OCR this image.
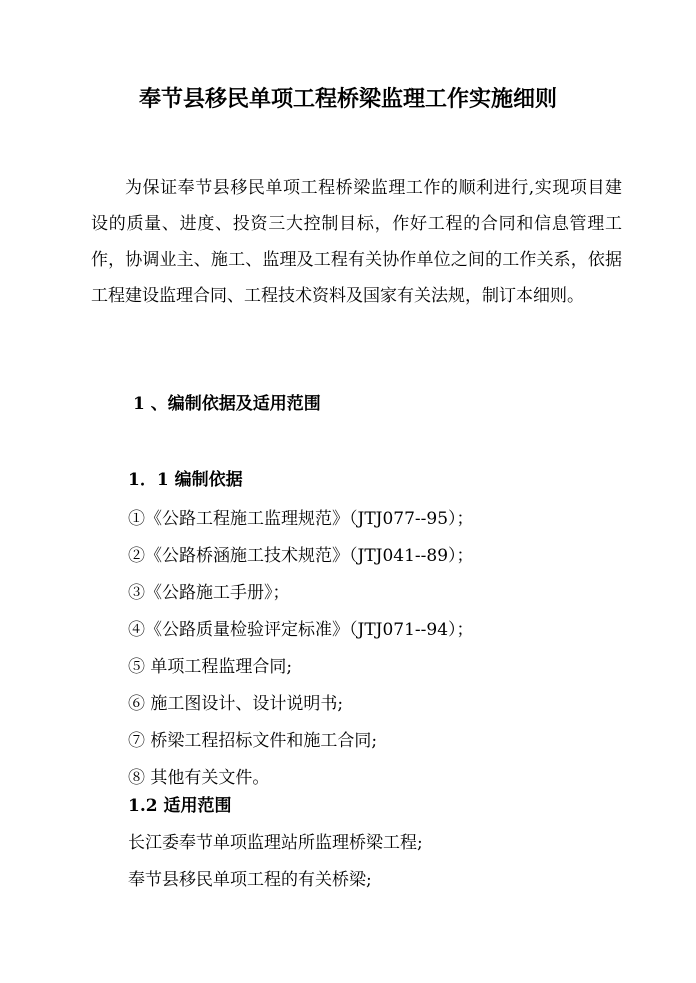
奉节县移民单项工程桥梁监理工作实施细则

为保证奉节县移民单项工程桥梁监理工作的顺利进行,实现项目建设的质量、进度、投资三大控制目标，作好工程的合同和信息管理工作，协调业主、施工、监理及工程有关协作单位之间的工作关系，依据工程建设监理合同、工程技术资料及国家有关法规，制订本细则。

1 、编制依据及适用范围
1．1 编制依据
①《公路工程施工监理规范》（JTJ077--95）；
②《公路桥涵施工技术规范》（JTJ041--89）；
③《公路施工手册》；
④《公路质量检验评定标准》（JTJ071--94）；
⑤ 单项工程监理合同;
⑥ 施工图设计、设计说明书;
⑦ 桥梁工程招标文件和施工合同;
⑧ 其他有关文件。
1.2 适用范围
长江委奉节单项监理站所监理桥梁工程;
奉节县移民单项工程的有关桥梁;
